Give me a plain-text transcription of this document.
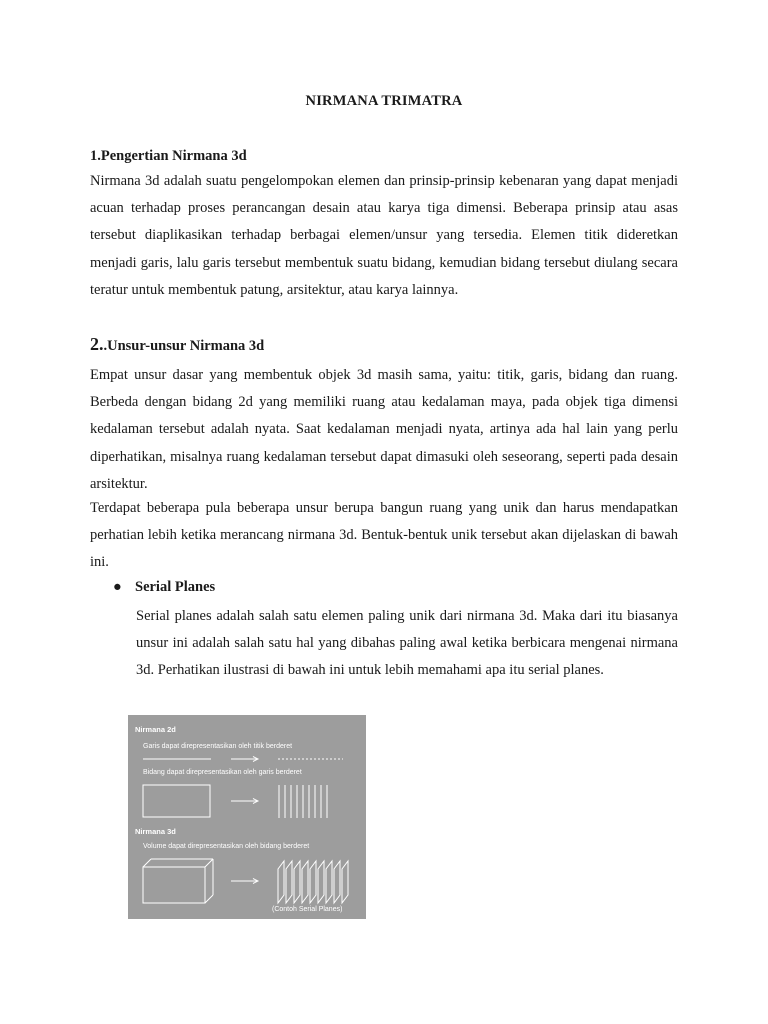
NIRMANA TRIMATRA
1.Pengertian Nirmana 3d

Nirmana 3d adalah suatu pengelompokan elemen dan prinsip-prinsip kebenaran yang dapat menjadi acuan terhadap proses perancangan desain atau karya tiga dimensi. Beberapa prinsip atau asas tersebut diaplikasikan terhadap berbagai elemen/unsur yang tersedia. Elemen titik dideretkan menjadi garis, lalu garis tersebut membentuk suatu bidang, kemudian bidang tersebut diulang secara teratur untuk membentuk patung, arsitektur, atau karya lainnya.

2..Unsur-unsur Nirmana 3d

Empat unsur dasar yang membentuk objek 3d masih sama, yaitu: titik, garis, bidang dan ruang. Berbeda dengan bidang 2d yang memiliki ruang atau kedalaman maya, pada objek tiga dimensi kedalaman tersebut adalah nyata. Saat kedalaman menjadi nyata, artinya ada hal lain yang perlu diperhatikan, misalnya ruang kedalaman tersebut dapat dimasuki oleh seseorang, seperti pada desain arsitektur.

Terdapat beberapa pula beberapa unsur berupa bangun ruang yang unik dan harus mendapatkan perhatian lebih ketika merancang nirmana 3d. Bentuk-bentuk unik tersebut akan dijelaskan di bawah ini.

● Serial Planes

Serial planes adalah salah satu elemen paling unik dari nirmana 3d. Maka dari itu biasanya unsur ini adalah salah satu hal yang dibahas paling awal ketika berbicara mengenai nirmana 3d. Perhatikan ilustrasi di bawah ini untuk lebih memahami apa itu serial planes.

Nirmana 2d
Garis dapat direpresentasikan oleh titik berderet
Bidang dapat direpresentasikan oleh garis berderet
Nirmana 3d
Volume dapat direpresentasikan oleh bidang berderet
(Contoh Serial Planes)
